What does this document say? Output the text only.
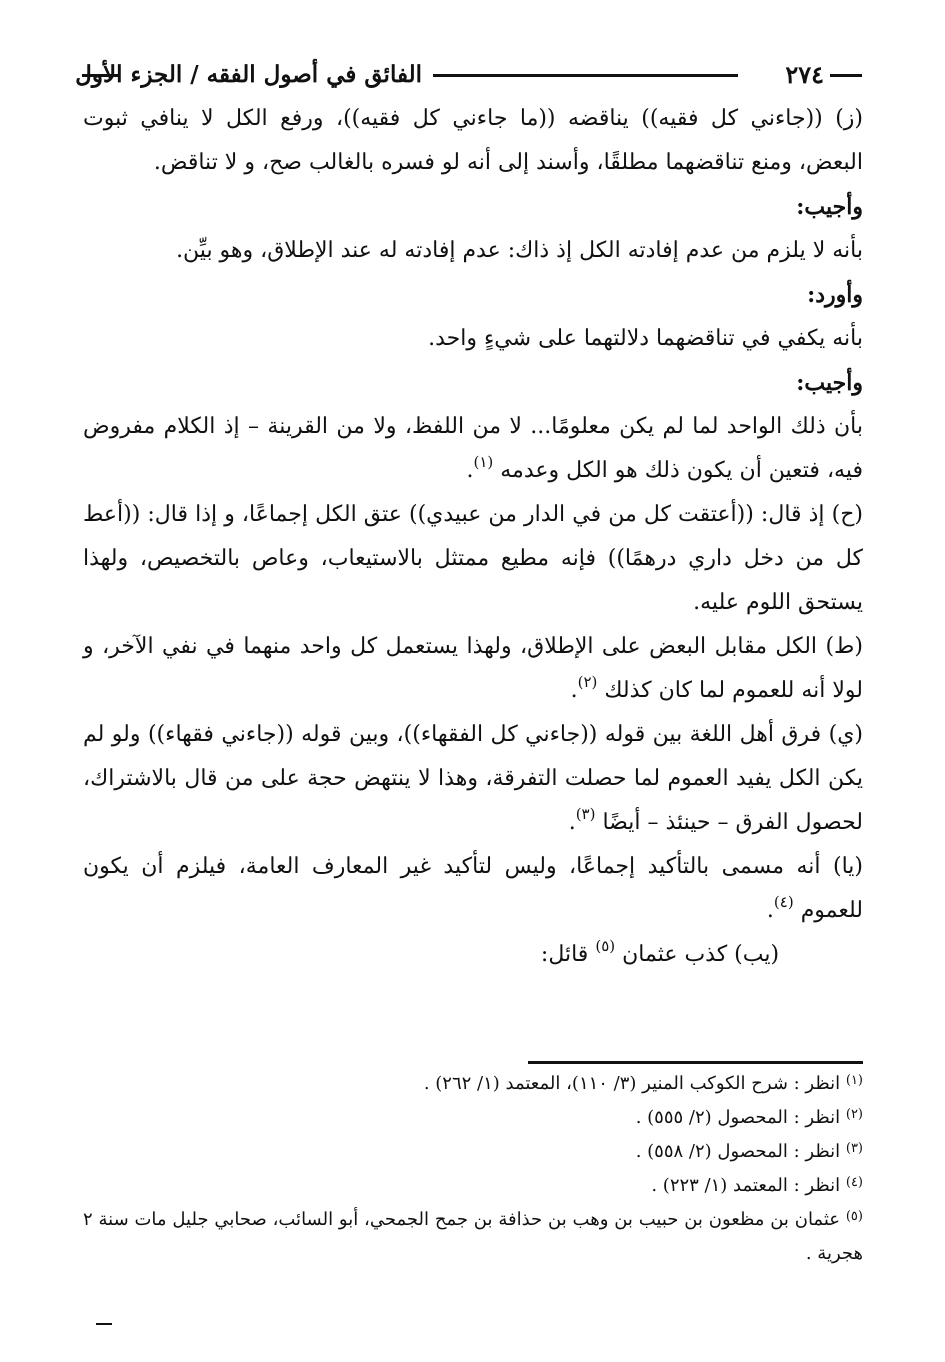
٢٧٤
الفائق في أصول الفقه / الجزء الأول

(ز) ((جاءني كل فقيه)) يناقضه ((ما جاءني كل فقيه))، ورفع الكل لا ينافي ثبوت البعض، ومنع تناقضهما مطلقًا، وأسند إلى أنه لو فسره بالغالب صح، و لا تناقض.

وأجيب:

بأنه لا يلزم من عدم إفادته الكل إذ ذاك: عدم إفادته له عند الإطلاق، وهو بيِّن.

وأورد:

بأنه يكفي في تناقضهما دلالتهما على شيءٍ واحد.

وأجيب:

بأن ذلك الواحد لما لم يكن معلومًا... لا من اللفظ، ولا من القرينة – إذ الكلام مفروض فيه، فتعين أن يكون ذلك هو الكل وعدمه $^{(١)}$.

(ح) إذ قال: ((أعتقت كل من في الدار من عبيدي)) عتق الكل إجماعًا، و إذا قال: ((أعط كل من دخل داري درهمًا)) فإنه مطيع ممتثل بالاستيعاب، وعاص بالتخصيص، ولهذا يستحق اللوم عليه.

(ط) الكل مقابل البعض على الإطلاق، ولهذا يستعمل كل واحد منهما في نفي الآخر، و لولا أنه للعموم لما كان كذلك $^{(٢)}$.

(ي) فرق أهل اللغة بين قوله ((جاءني كل الفقهاء))، وبين قوله ((جاءني فقهاء)) ولو لم يكن الكل يفيد العموم لما حصلت التفرقة، وهذا لا ينتهض حجة على من قال بالاشتراك، لحصول الفرق – حينئذ – أيضًا $^{(٣)}$.

(يا) أنه مسمى بالتأكيد إجماعًا، وليس لتأكيد غير المعارف العامة، فيلزم أن يكون للعموم $^{(٤)}$.

(يب) كذب عثمان $^{(٥)}$ قائل:

$^{(١)}$ انظر : شرح الكوكب المنير (٣/ ١١٠)، المعتمد (١/ ٢٦٢) .

$^{(٢)}$ انظر : المحصول (٢/ ٥٥٥) .

$^{(٣)}$ انظر : المحصول (٢/ ٥٥٨) .

$^{(٤)}$ انظر : المعتمد (١/ ٢٢٣) .

$^{(٥)}$ عثمان بن مظعون بن حبيب بن وهب بن حذافة بن جمح الجمحي، أبو السائب، صحابي جليل مات سنة ٢ هجرية .
